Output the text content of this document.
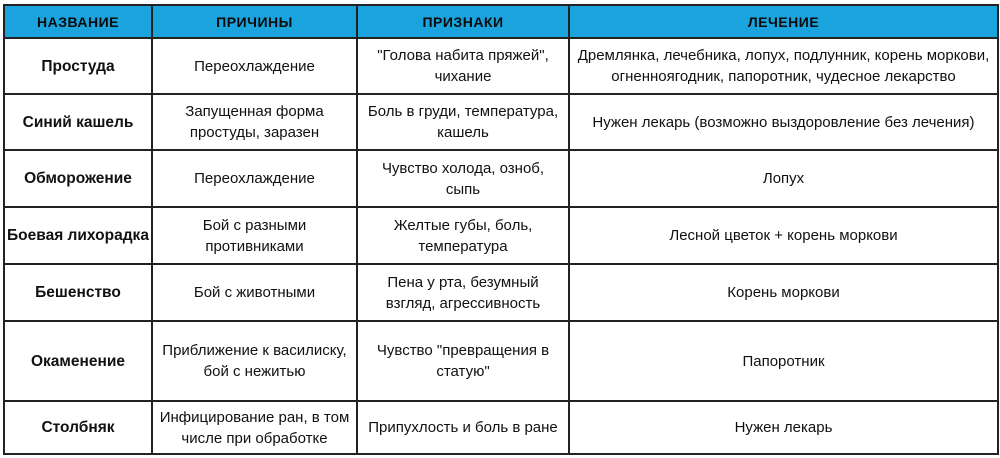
НАЗВАНИЕ	ПРИЧИНЫ	ПРИЗНАКИ	ЛЕЧЕНИЕ
Простуда	Переохлаждение	"Голова набита пряжей", чихание	Дремлянка, лечебника, лопух, подлунник, корень моркови, огненноягодник, папоротник, чудесное лекарство
Синий кашель	Запущенная форма простуды, заразен	Боль в груди, температура, кашель	Нужен лекарь (возможно выздоровление без лечения)
Обморожение	Переохлаждение	Чувство холода, озноб, сыпь	Лопух
Боевая лихорадка	Бой с разными противниками	Желтые губы, боль, температура	Лесной цветок + корень моркови
Бешенство	Бой с животными	Пена у рта, безумный взгляд, агрессивность	Корень моркови
Окаменение	Приближение к василиску, бой с нежитью	Чувство "превращения в статую"	Папоротник
Столбняк	Инфицирование ран, в том числе при обработке	Припухлость и боль в ране	Нужен лекарь
